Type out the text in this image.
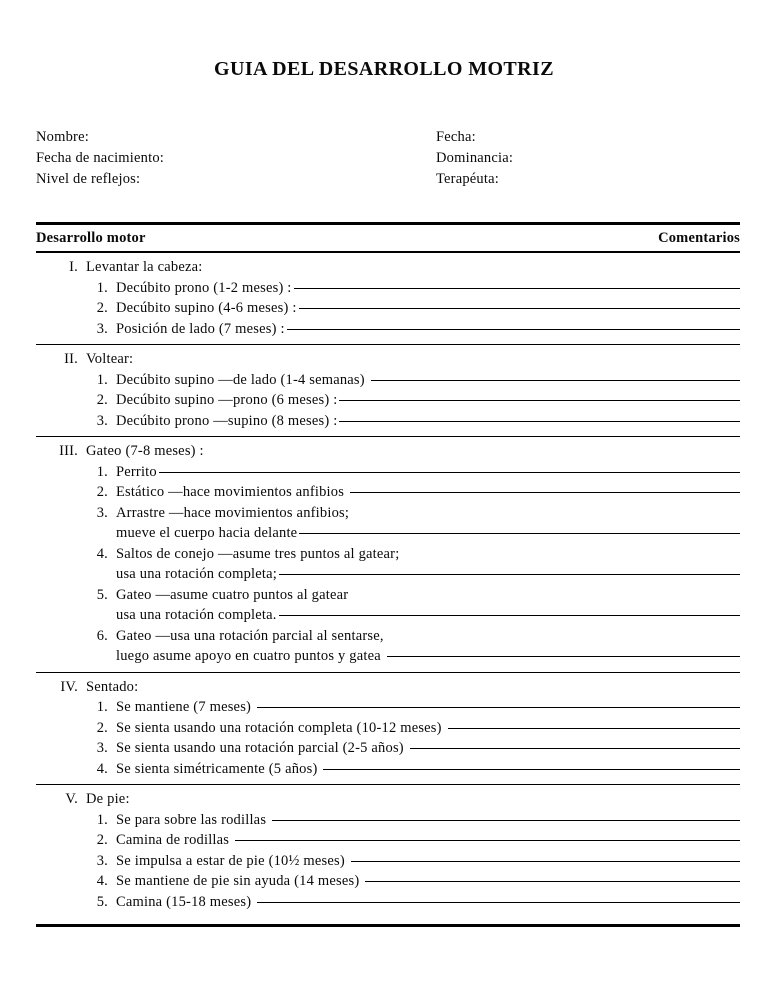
GUIA DEL DESARROLLO MOTRIZ
Nombre:
Fecha de nacimiento:
Nivel de reflejos:
Fecha:
Dominancia:
Terapéuta:
Desarrollo motor	Comentarios
I. Levantar la cabeza:
1. Decúbito prono (1-2 meses) :
2. Decúbito supino (4-6 meses) :
3. Posición de lado (7 meses) :
II. Voltear:
1. Decúbito supino —de lado (1-4 semanas)
2. Decúbito supino —prono (6 meses) :
3. Decúbito prono —supino (8 meses) :
III. Gateo (7-8 meses) :
1. Perrito
2. Estático —hace movimientos anfibios
3. Arrastre —hace movimientos anfibios;
mueve el cuerpo hacia delante
4. Saltos de conejo —asume tres puntos al gatear;
usa una rotación completa;
5. Gateo —asume cuatro puntos al gatear
usa una rotación completa.
6. Gateo —usa una rotación parcial al sentarse,
luego asume apoyo en cuatro puntos y gatea
IV. Sentado:
1. Se mantiene (7 meses)
2. Se sienta usando una rotación completa (10-12 meses)
3. Se sienta usando una rotación parcial (2-5 años)
4. Se sienta simétricamente (5 años)
V. De pie:
1. Se para sobre las rodillas
2. Camina de rodillas
3. Se impulsa a estar de pie (10½ meses)
4. Se mantiene de pie sin ayuda (14 meses)
5. Camina (15-18 meses)
